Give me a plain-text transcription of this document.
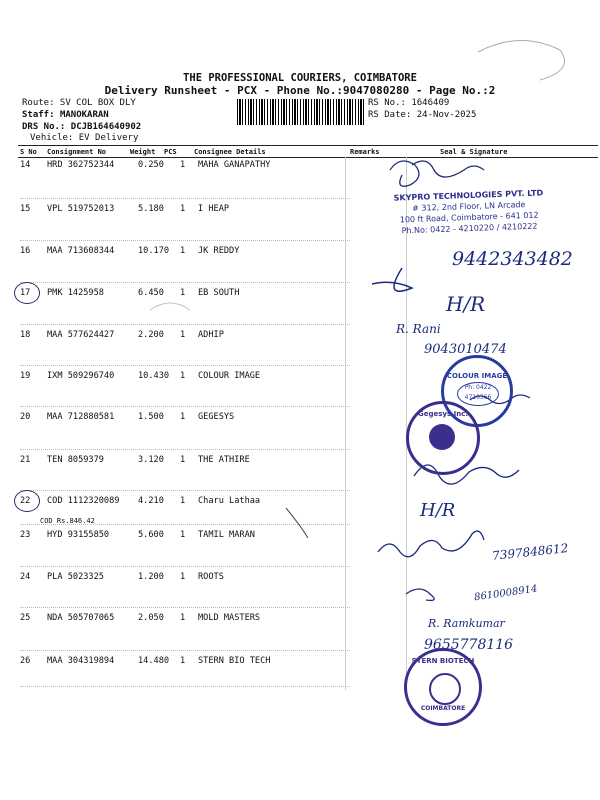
THE PROFESSIONAL COURIERS, COIMBATORE
Delivery Runsheet - PCX - Phone No.:9047080280 - Page No.:2
Route: SV COL BOX DLY
Staff: MANOKARAN
DRS No.: DCJB164640902
Vehicle: EV Delivery
RS No.: 1646409
RS Date: 24-Nov-2025
S No Consignment No	Weight PCS Consignee Details	Remarks	Seal & Signature
14 HRD 362752344	0.250 1 MAHA GANAPATHY
15 VPL 519752013	5.180 1 I HEAP
16 MAA 713608344	10.170 1 JK REDDY
17 PMK 1425958	6.450 1 EB SOUTH
18 MAA 577624427	2.200 1 ADHIP
19 IXM 509296740	10.430 1 COLOUR IMAGE
20 MAA 712880581	1.500 1 GEGESYS
21 TEN 8059379	3.120 1 THE ATHIRE
22 COD 1112320089 4.210 1 Charu Lathaa
COD Rs.846.42
23 HYD 93155850	5.600 1 TAMIL MARAN
24 PLA 5023325	1.200 1 ROOTS
25 NDA 505707065	2.050 1 MOLD MASTERS
26 MAA 304319894	14.480 1 STERN BIO TECH
SKYPRO TECHNOLOGIES PVT. LTD
# 312, 2nd Floor, LN Arcade
100 ft Road, Coimbatore - 641 012
Ph.No: 0422 - 4210220 / 4210222
9442343482
H/R
R. Rani
9043010474
H/R
7397848612
8610008914
R. Ramkumar
9655778116
COLOUR IMAGE
Ph: 0422
4710366
Gegesys Inc.
STERN BIOTECH
COIMBATORE
